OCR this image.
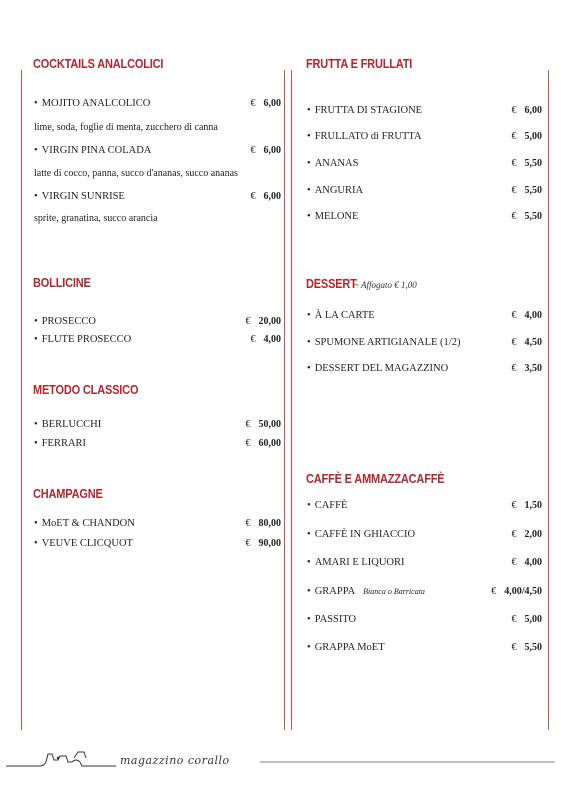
COCKTAILS ANALCOLICI
• MOJITO ANALCOLICO	€ 6,00
lime, soda, foglie di menta, zucchero di canna
• VIRGIN PINA COLADA	€ 6,00
latte di cocco, panna, succo d'ananas, succo ananas
• VIRGIN SUNRISE	€ 6,00
sprite, granatina, succo arancia
BOLLICINE
• PROSECCO	€ 20,00
• FLUTE PROSECCO	€ 4,00
METODO CLASSICO
• BERLUCCHI	€ 50,00
• FERRARI	€ 60,00
CHAMPAGNE
• MoET & CHANDON	€ 80,00
• VEUVE CLICQUOT	€ 90,00
FRUTTA E FRULLATI
• FRUTTA DI STAGIONE	€ 6,00
• FRULLATO di FRUTTA	€ 5,00
• ANANAS	€ 5,50
• ANGURIA	€ 5,50
• MELONE	€ 5,50
DESSERT
~ Affogato € 1,00
• À LA CARTE	€ 4,00
• SPUMONE ARTIGIANALE (1/2)	€ 4,50
• DESSERT DEL MAGAZZINO	€ 3,50
CAFFÈ E AMMAZZACAFFÈ
• CAFFÈ	€ 1,50
• CAFFÈ IN GHIACCIO	€ 2,00
• AMARI E LIQUORI	€ 4,00
• GRAPPA Bianca o Barricata	€ 4,00/4,50
• PASSITO	€ 5,00
• GRAPPA MoET	€ 5,50
magazzino corallo
